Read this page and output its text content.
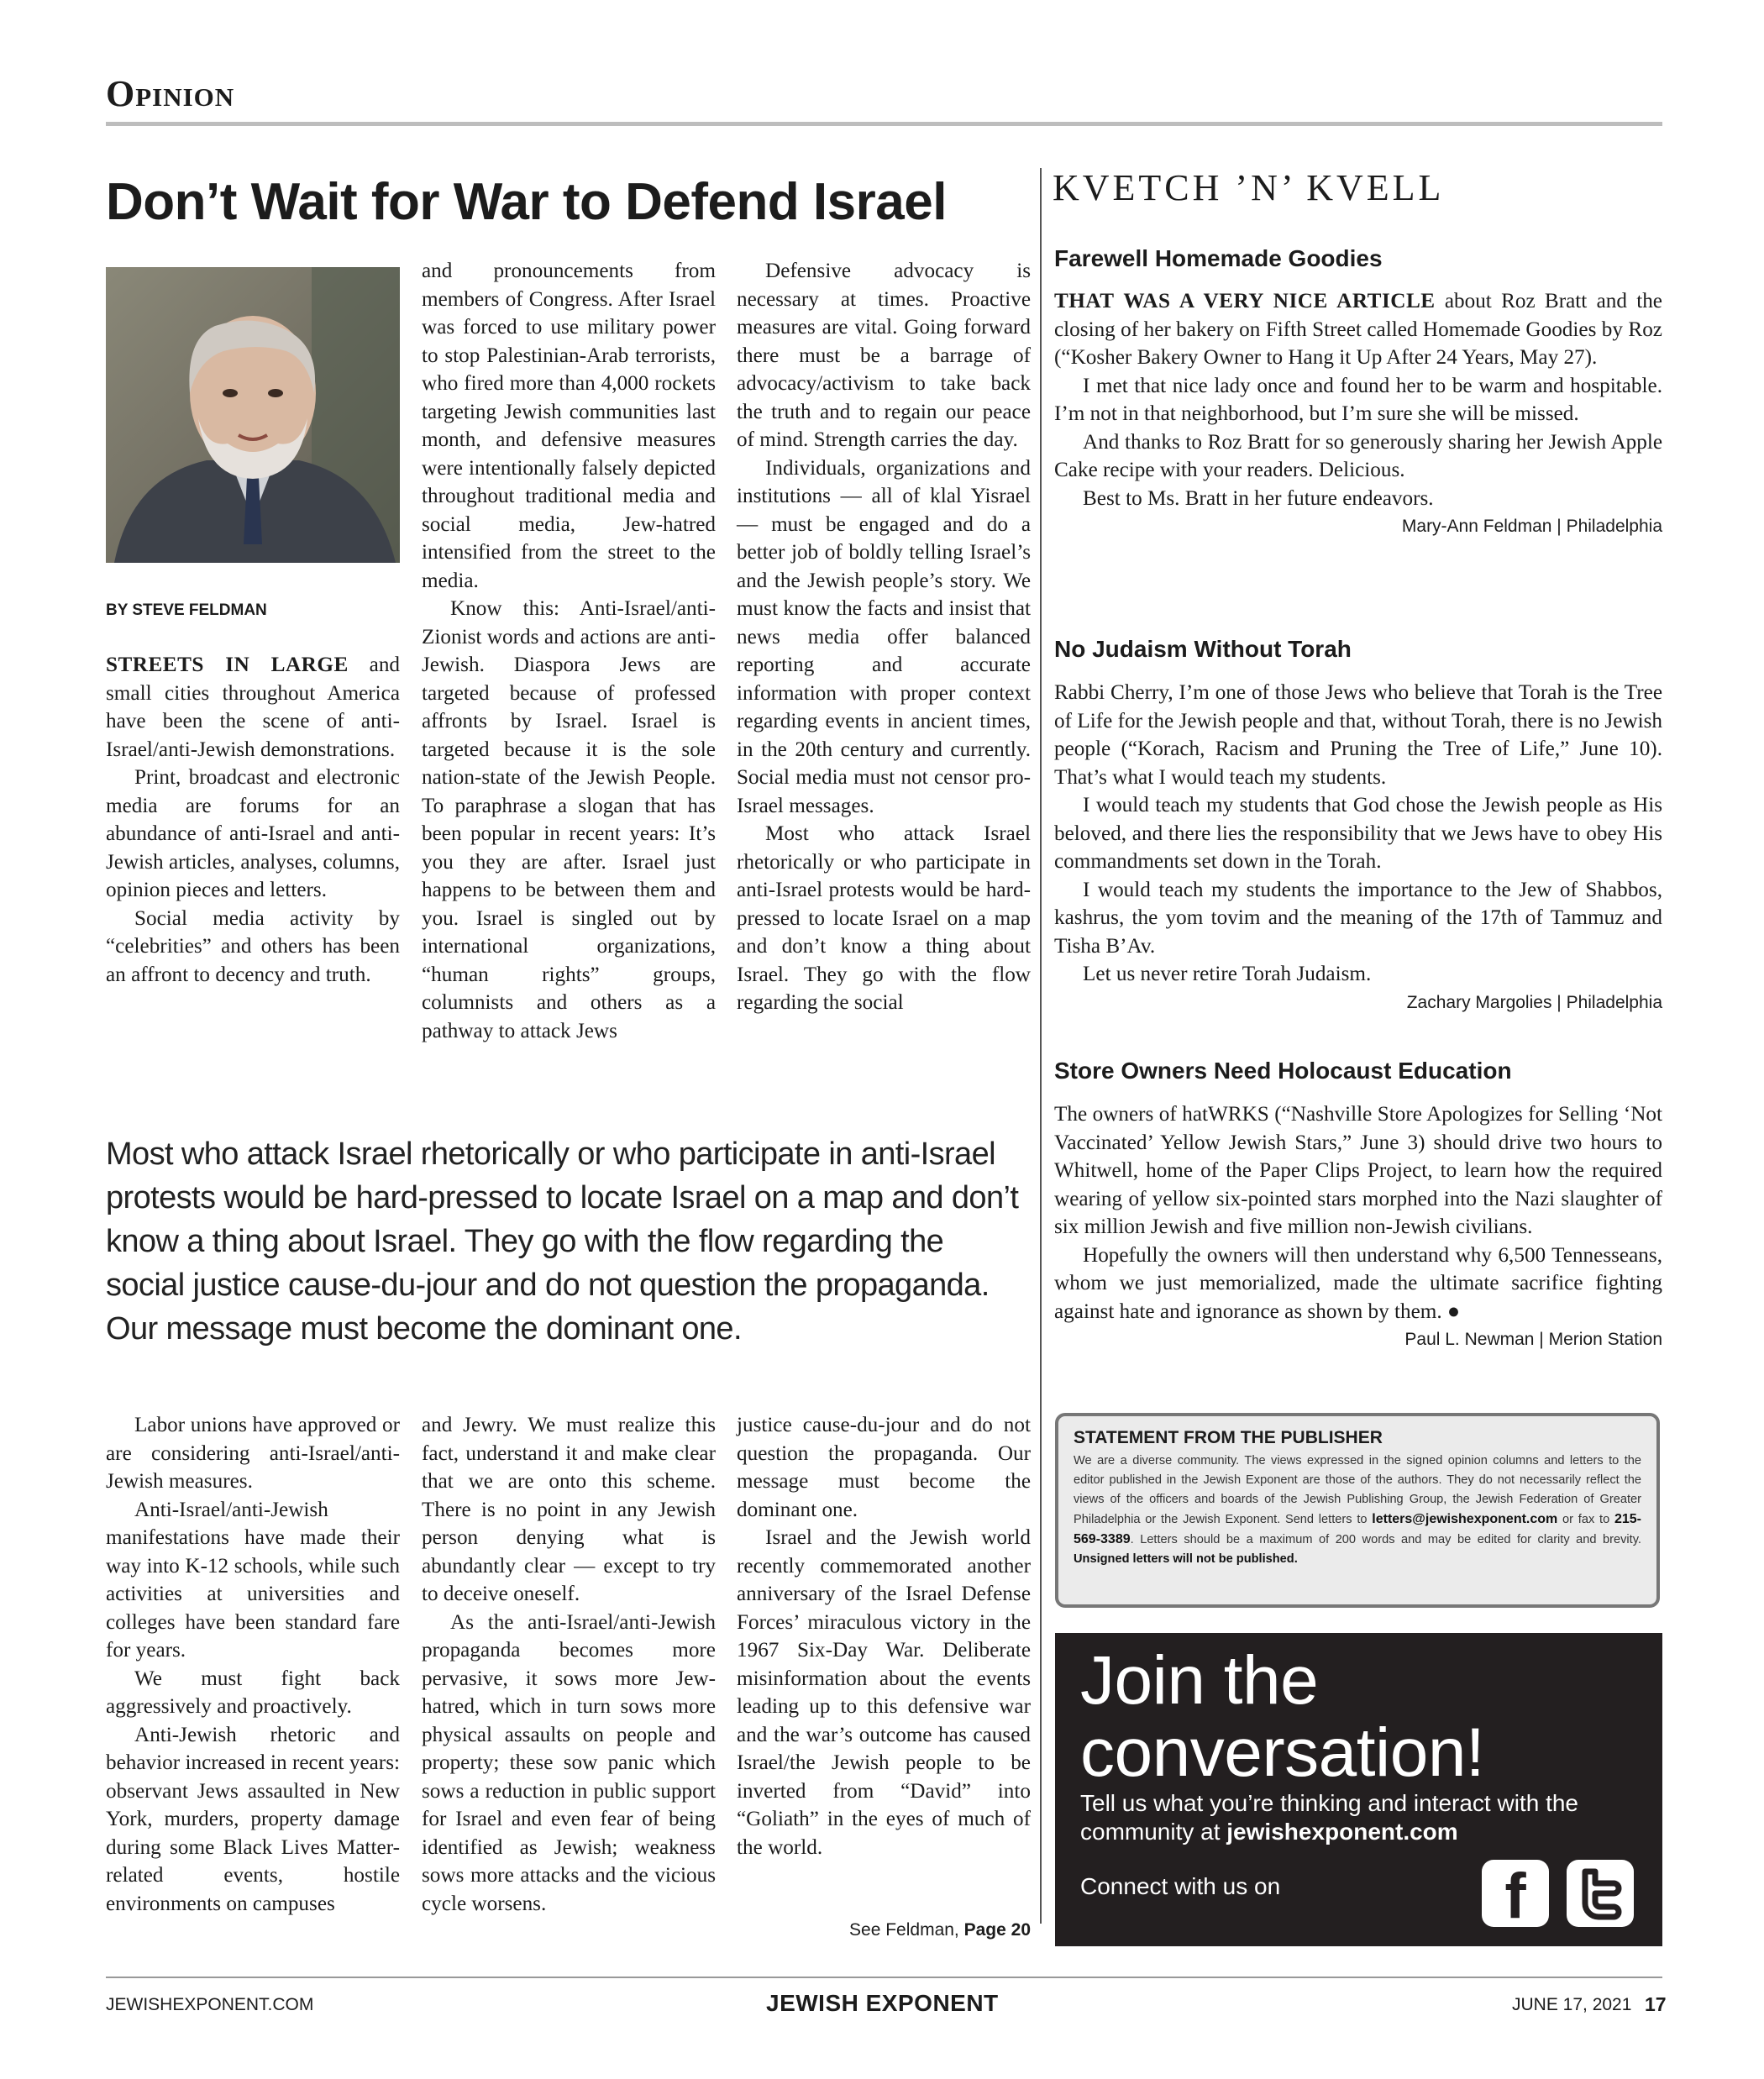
Opinion
Don’t Wait for War to Defend Israel
BY STEVE FELDMAN

STREETS IN LARGE and small cities throughout America have been the scene of anti-Israel/anti-Jewish demonstrations.

Print, broadcast and electronic media are forums for an abundance of anti-Israel and anti-Jewish articles, analyses, columns, opinion pieces and letters.

Social media activity by “celebrities” and others has been an affront to decency and truth.

and pronouncements from members of Congress. After Israel was forced to use military power to stop Palestinian-Arab terrorists, who fired more than 4,000 rockets targeting Jewish communities last month, and defensive measures were intentionally falsely depicted throughout traditional media and social media, Jew-hatred intensified from the street to the media.

Know this: Anti-Israel/anti-Zionist words and actions are anti-Jewish. Diaspora Jews are targeted because of professed affronts by Israel. Israel is targeted because it is the sole nation-state of the Jewish People. To paraphrase a slogan that has been popular in recent years: It’s you they are after. Israel just happens to be between them and you. Israel is singled out by international organizations, “human rights” groups, columnists and others as a pathway to attack Jews

Defensive advocacy is necessary at times. Proactive measures are vital. Going forward there must be a barrage of advocacy/activism to take back the truth and to regain our peace of mind. Strength carries the day.

Individuals, organizations and institutions — all of klal Yisrael — must be engaged and do a better job of boldly telling Israel’s and the Jewish people’s story. We must know the facts and insist that news media offer balanced reporting and accurate information with proper context regarding events in ancient times, in the 20th century and currently. Social media must not censor pro-Israel messages.

Most who attack Israel rhetorically or who participate in anti-Israel protests would be hard-pressed to locate Israel on a map and don’t know a thing about Israel. They go with the flow regarding the social

Most who attack Israel rhetorically or who participate in anti-Israel protests would be hard-pressed to locate Israel on a map and don’t know a thing about Israel. They go with the flow regarding the social justice cause-du-jour and do not question the propaganda. Our message must become the dominant one.

Labor unions have approved or are considering anti-Israel/anti-Jewish measures.

Anti-Israel/anti-Jewish manifestations have made their way into K-12 schools, while such activities at universities and colleges have been standard fare for years.

We must fight back aggressively and proactively.

Anti-Jewish rhetoric and behavior increased in recent years: observant Jews assaulted in New York, murders, property damage during some Black Lives Matter-related events, hostile environments on campuses

and Jewry. We must realize this fact, understand it and make clear that we are onto this scheme. There is no point in any Jewish person denying what is abundantly clear — except to try to deceive oneself.

As the anti-Israel/anti-Jewish propaganda becomes more pervasive, it sows more Jew-hatred, which in turn sows more physical assaults on people and property; these sow panic which sows a reduction in public support for Israel and even fear of being identified as Jewish; weakness sows more attacks and the vicious cycle worsens.

justice cause-du-jour and do not question the propaganda. Our message must become the dominant one.

Israel and the Jewish world recently commemorated another anniversary of the Israel Defense Forces’ miraculous victory in the 1967 Six-Day War. Deliberate misinformation about the events leading up to this defensive war and the war’s outcome has caused Israel/the Jewish people to be inverted from “David” into “Goliath” in the eyes of much of the world.

See Feldman, Page 20
KVETCH ’N’ KVELL
Farewell Homemade Goodies

THAT WAS A VERY NICE ARTICLE about Roz Bratt and the closing of her bakery on Fifth Street called Homemade Goodies by Roz (“Kosher Bakery Owner to Hang it Up After 24 Years, May 27).

I met that nice lady once and found her to be warm and hospitable. I’m not in that neighborhood, but I’m sure she will be missed.

And thanks to Roz Bratt for so generously sharing her Jewish Apple Cake recipe with your readers. Delicious.

Best to Ms. Bratt in her future endeavors.

Mary-Ann Feldman | Philadelphia

No Judaism Without Torah

Rabbi Cherry, I’m one of those Jews who believe that Torah is the Tree of Life for the Jewish people and that, without Torah, there is no Jewish people (“Korach, Racism and Pruning the Tree of Life,” June 10). That’s what I would teach my students.

I would teach my students that God chose the Jewish people as His beloved, and there lies the responsibility that we Jews have to obey His commandments set down in the Torah.

I would teach my students the importance to the Jew of Shabbos, kashrus, the yom tovim and the meaning of the 17th of Tammuz and Tisha B’Av.

Let us never retire Torah Judaism.

Zachary Margolies | Philadelphia

Store Owners Need Holocaust Education

The owners of hatWRKS (“Nashville Store Apologizes for Selling ‘Not Vaccinated’ Yellow Jewish Stars,” June 3) should drive two hours to Whitwell, home of the Paper Clips Project, to learn how the required wearing of yellow six-pointed stars morphed into the Nazi slaughter of six million Jewish and five million non-Jewish civilians.

Hopefully the owners will then understand why 6,500 Tennesseans, whom we just memorialized, made the ultimate sacrifice fighting against hate and ignorance as shown by them. ●

Paul L. Newman | Merion Station

STATEMENT FROM THE PUBLISHER
We are a diverse community. The views expressed in the signed opinion columns and letters to the editor published in the Jewish Exponent are those of the authors. They do not necessarily reflect the views of the officers and boards of the Jewish Publishing Group, the Jewish Federation of Greater Philadelphia or the Jewish Exponent. Send letters to letters@jewishexponent.com or fax to 215-569-3389. Letters should be a maximum of 200 words and may be edited for clarity and brevity. Unsigned letters will not be published.
Join the
conversation!
Tell us what you’re thinking and interact with the community at jewishexponent.com
Connect with us on	f
JEWISHEXPONENT.COM	JEWISH EXPONENT	JUNE 17, 2021 17
